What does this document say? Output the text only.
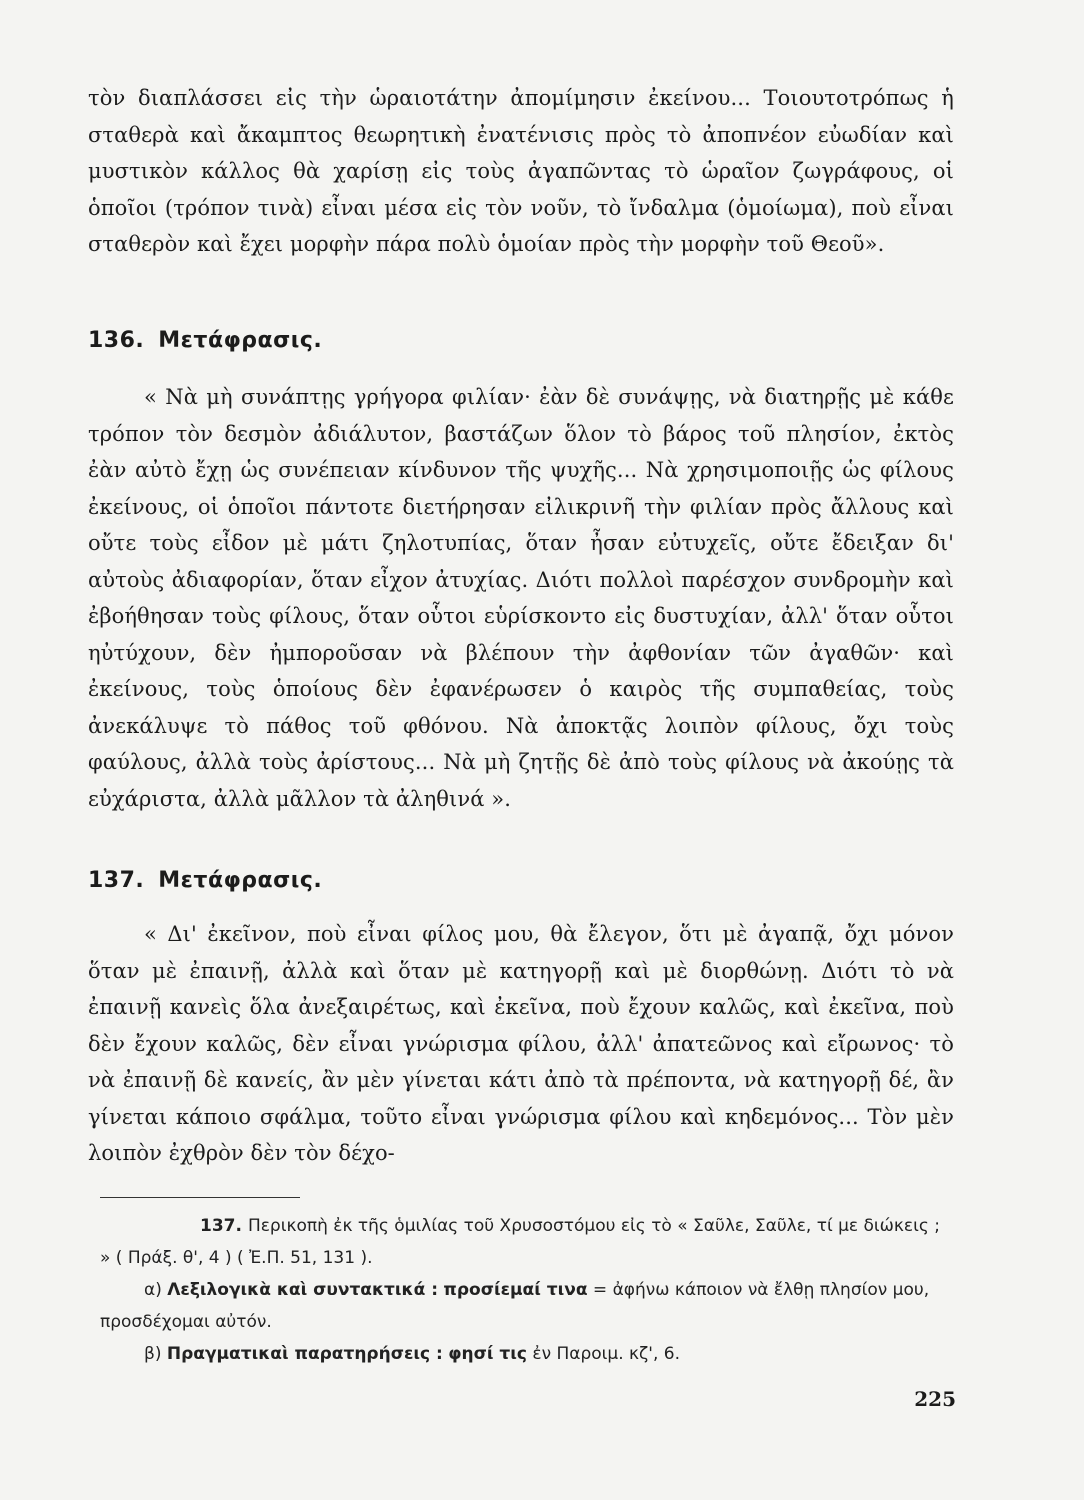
τὸν διαπλάσσει εἰς τὴν ὡραιοτάτην ἀπομίμησιν ἐκείνου... Τοιουτοτρόπως ἡ σταθερὰ καὶ ἄκαμπτος θεωρητικὴ ἐνατένισις πρὸς τὸ ἀποπνέον εὐωδίαν καὶ μυστικὸν κάλλος θὰ χαρίσῃ εἰς τοὺς ἀγαπῶντας τὸ ὡραῖον ζωγράφους, οἱ ὁποῖοι (τρόπον τινὰ) εἶναι μέσα εἰς τὸν νοῦν, τὸ ἴνδαλμα (ὁμοίωμα), ποὺ εἶναι σταθερὸν καὶ ἔχει μορφὴν πάρα πολὺ ὁμοίαν πρὸς τὴν μορφὴν τοῦ Θεοῦ».

136. Μετάφρασις.

« Νὰ μὴ συνάπτῃς γρήγορα φιλίαν· ἐὰν δὲ συνάψῃς, νὰ διατηρῇς μὲ κάθε τρόπον τὸν δεσμὸν ἀδιάλυτον, βαστάζων ὅλον τὸ βάρος τοῦ πλησίον, ἐκτὸς ἐὰν αὐτὸ ἔχῃ ὡς συνέπειαν κίνδυνον τῆς ψυχῆς... Νὰ χρησιμοποιῇς ὡς φίλους ἐκείνους, οἱ ὁποῖοι πάντοτε διετήρησαν εἰλικρινῆ τὴν φιλίαν πρὸς ἄλλους καὶ οὔτε τοὺς εἶδον μὲ μάτι ζηλοτυπίας, ὅταν ἦσαν εὐτυχεῖς, οὔτε ἔδειξαν δι' αὐτοὺς ἀδιαφορίαν, ὅταν εἶχον ἀτυχίας. Διότι πολλοὶ παρέσχον συνδρομὴν καὶ ἐβοήθησαν τοὺς φίλους, ὅταν οὗτοι εὑρίσκοντο εἰς δυστυχίαν, ἀλλ' ὅταν οὗτοι ηὐτύχουν, δὲν ἠμποροῦσαν νὰ βλέπουν τὴν ἀφθονίαν τῶν ἀγαθῶν· καὶ ἐκείνους, τοὺς ὁποίους δὲν ἐφανέρωσεν ὁ καιρὸς τῆς συμπαθείας, τοὺς ἀνεκάλυψε τὸ πάθος τοῦ φθόνου. Νὰ ἀποκτᾷς λοιπὸν φίλους, ὄχι τοὺς φαύλους, ἀλλὰ τοὺς ἀρίστους... Νὰ μὴ ζητῇς δὲ ἀπὸ τοὺς φίλους νὰ ἀκούῃς τὰ εὐχάριστα, ἀλλὰ μᾶλλον τὰ ἀληθινά ».

137. Μετάφρασις.

« Δι' ἐκεῖνον, ποὺ εἶναι φίλος μου, θὰ ἔλεγον, ὅτι μὲ ἀγαπᾷ, ὄχι μόνον ὅταν μὲ ἐπαινῇ, ἀλλὰ καὶ ὅταν μὲ κατηγορῇ καὶ μὲ διορθώνῃ. Διότι τὸ νὰ ἐπαινῇ κανεὶς ὅλα ἀνεξαιρέτως, καὶ ἐκεῖνα, ποὺ ἔχουν καλῶς, καὶ ἐκεῖνα, ποὺ δὲν ἔχουν καλῶς, δὲν εἶναι γνώρισμα φίλου, ἀλλ' ἀπατεῶνος καὶ εἴρωνος· τὸ νὰ ἐπαινῇ δὲ κανείς, ἂν μὲν γίνεται κάτι ἀπὸ τὰ πρέποντα, νὰ κατηγορῇ δέ, ἂν γίνεται κάποιο σφάλμα, τοῦτο εἶναι γνώρισμα φίλου καὶ κηδεμόνος... Τὸν μὲν λοιπὸν ἐχθρὸν δὲν τὸν δέχο-

137. Περικοπὴ ἐκ τῆς ὁμιλίας τοῦ Χρυσοστόμου εἰς τὸ « Σαῦλε, Σαῦλε, τί με διώκεις ; » ( Πράξ. θ', 4 ) ( Ἐ.Π. 51, 131 ).

α) Λεξιλογικὰ καὶ συντακτικά : προσίεμαί τινα = ἀφήνω κάποιον νὰ ἔλθῃ πλησίον μου, προσδέχομαι αὐτόν.

β) Πραγματικαὶ παρατηρήσεις : φησί τις ἐν Παροιμ. κζ', 6.

225
